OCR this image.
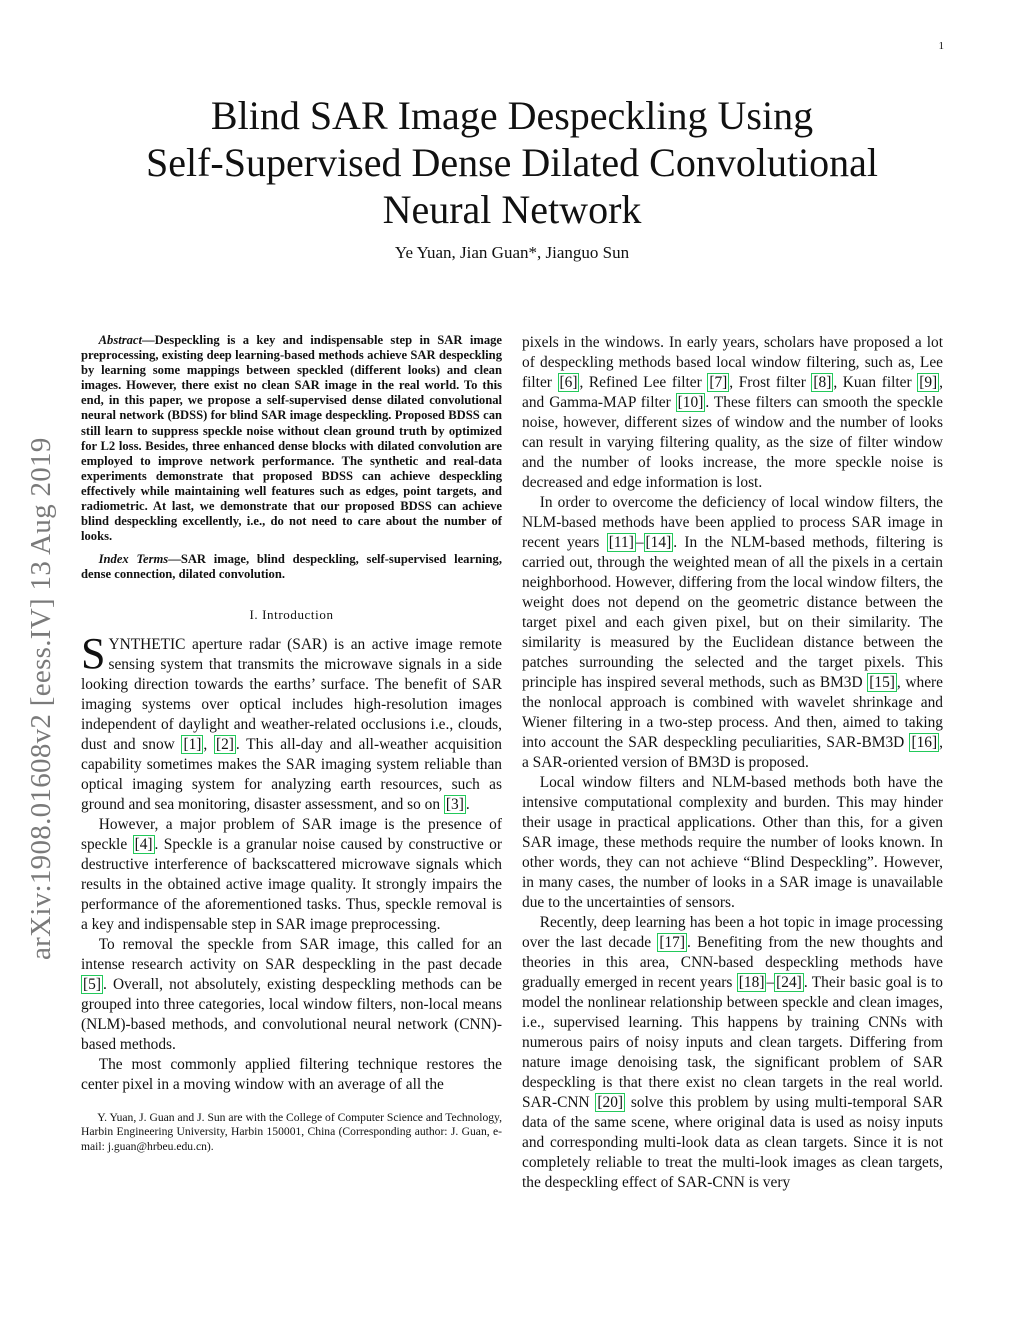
1
arXiv:1908.01608v2 [eess.IV] 13 Aug 2019
Blind SAR Image Despeckling Using
Self-Supervised Dense Dilated Convolutional
Neural Network
Ye Yuan, Jian Guan*, Jianguo Sun

Abstract—Despeckling is a key and indispensable step in SAR image preprocessing, existing deep learning-based methods achieve SAR despeckling by learning some mappings between speckled (different looks) and clean images. However, there exist no clean SAR image in the real world. To this end, in this paper, we propose a self-supervised dense dilated convolutional neural network (BDSS) for blind SAR image despeckling. Proposed BDSS can still learn to suppress speckle noise without clean ground truth by optimized for L2 loss. Besides, three enhanced dense blocks with dilated convolution are employed to improve network performance. The synthetic and real-data experiments demonstrate that proposed BDSS can achieve despeckling effectively while maintaining well features such as edges, point targets, and radiometric. At last, we demonstrate that our proposed BDSS can achieve blind despeckling excellently, i.e., do not need to care about the number of looks.

Index Terms—SAR image, blind despeckling, self-supervised learning, dense connection, dilated convolution.

I. Introduction

SYNTHETIC aperture radar (SAR) is an active image remote sensing system that transmits the microwave signals in a side looking direction towards the earths’ surface. The benefit of SAR imaging systems over optical includes high-resolution images independent of daylight and weather-related occlusions i.e., clouds, dust and snow [1] , [2] . This all-day and all-weather acquisition capability sometimes makes the SAR imaging system reliable than optical imaging system for analyzing earth resources, such as ground and sea monitoring, disaster assessment, and so on [3] .

However, a major problem of SAR image is the presence of speckle [4] . Speckle is a granular noise caused by constructive or destructive interference of backscattered microwave signals which results in the obtained active image quality. It strongly impairs the performance of the aforementioned tasks. Thus, speckle removal is a key and indispensable step in SAR image preprocessing.

To removal the speckle from SAR image, this called for an intense research activity on SAR despeckling in the past decade [5] . Overall, not absolutely, existing despeckling methods can be grouped into three categories, local window filters, non-local means (NLM)-based methods, and convolutional neural network (CNN)-based methods.

The most commonly applied filtering technique restores the center pixel in a moving window with an average of all the

Y. Yuan, J. Guan and J. Sun are with the College of Computer Science and Technology, Harbin Engineering University, Harbin 150001, China (Corresponding author: J. Guan, e-mail: j.guan@hrbeu.edu.cn).

pixels in the windows. In early years, scholars have proposed a lot of despeckling methods based local window filtering, such as, Lee filter [6] , Refined Lee filter [7] , Frost filter [8] , Kuan filter [9] , and Gamma-MAP filter [10] . These filters can smooth the speckle noise, however, different sizes of window and the number of looks can result in varying filtering quality, as the size of filter window and the number of looks increase, the more speckle noise is decreased and edge information is lost.

In order to overcome the deficiency of local window filters, the NLM-based methods have been applied to process SAR image in recent years [11] – [14] . In the NLM-based methods, filtering is carried out, through the weighted mean of all the pixels in a certain neighborhood. However, differing from the local window filters, the weight does not depend on the geometric distance between the target pixel and each given pixel, but on their similarity. The similarity is measured by the Euclidean distance between the patches surrounding the selected and the target pixels. This principle has inspired several methods, such as BM3D [15] , where the nonlocal approach is combined with wavelet shrinkage and Wiener filtering in a two-step process. And then, aimed to taking into account the SAR despeckling peculiarities, SAR-BM3D [16] , a SAR-oriented version of BM3D is proposed.

Local window filters and NLM-based methods both have the intensive computational complexity and burden. This may hinder their usage in practical applications. Other than this, for a given SAR image, these methods require the number of looks known. In other words, they can not achieve “Blind Despeckling”. However, in many cases, the number of looks in a SAR image is unavailable due to the uncertainties of sensors.

Recently, deep learning has been a hot topic in image processing over the last decade [17] . Benefiting from the new thoughts and theories in this area, CNN-based despeckling methods have gradually emerged in recent years [18] – [24] . Their basic goal is to model the nonlinear relationship between speckle and clean images, i.e., supervised learning. This happens by training CNNs with numerous pairs of noisy inputs and clean targets. Differing from nature image denoising task, the significant problem of SAR despeckling is that there exist no clean targets in the real world. SAR-CNN [20] solve this problem by using multi-temporal SAR data of the same scene, where original data is used as noisy inputs and corresponding multi-look data as clean targets. Since it is not completely reliable to treat the multi-look images as clean targets, the despeckling effect of SAR-CNN is very
